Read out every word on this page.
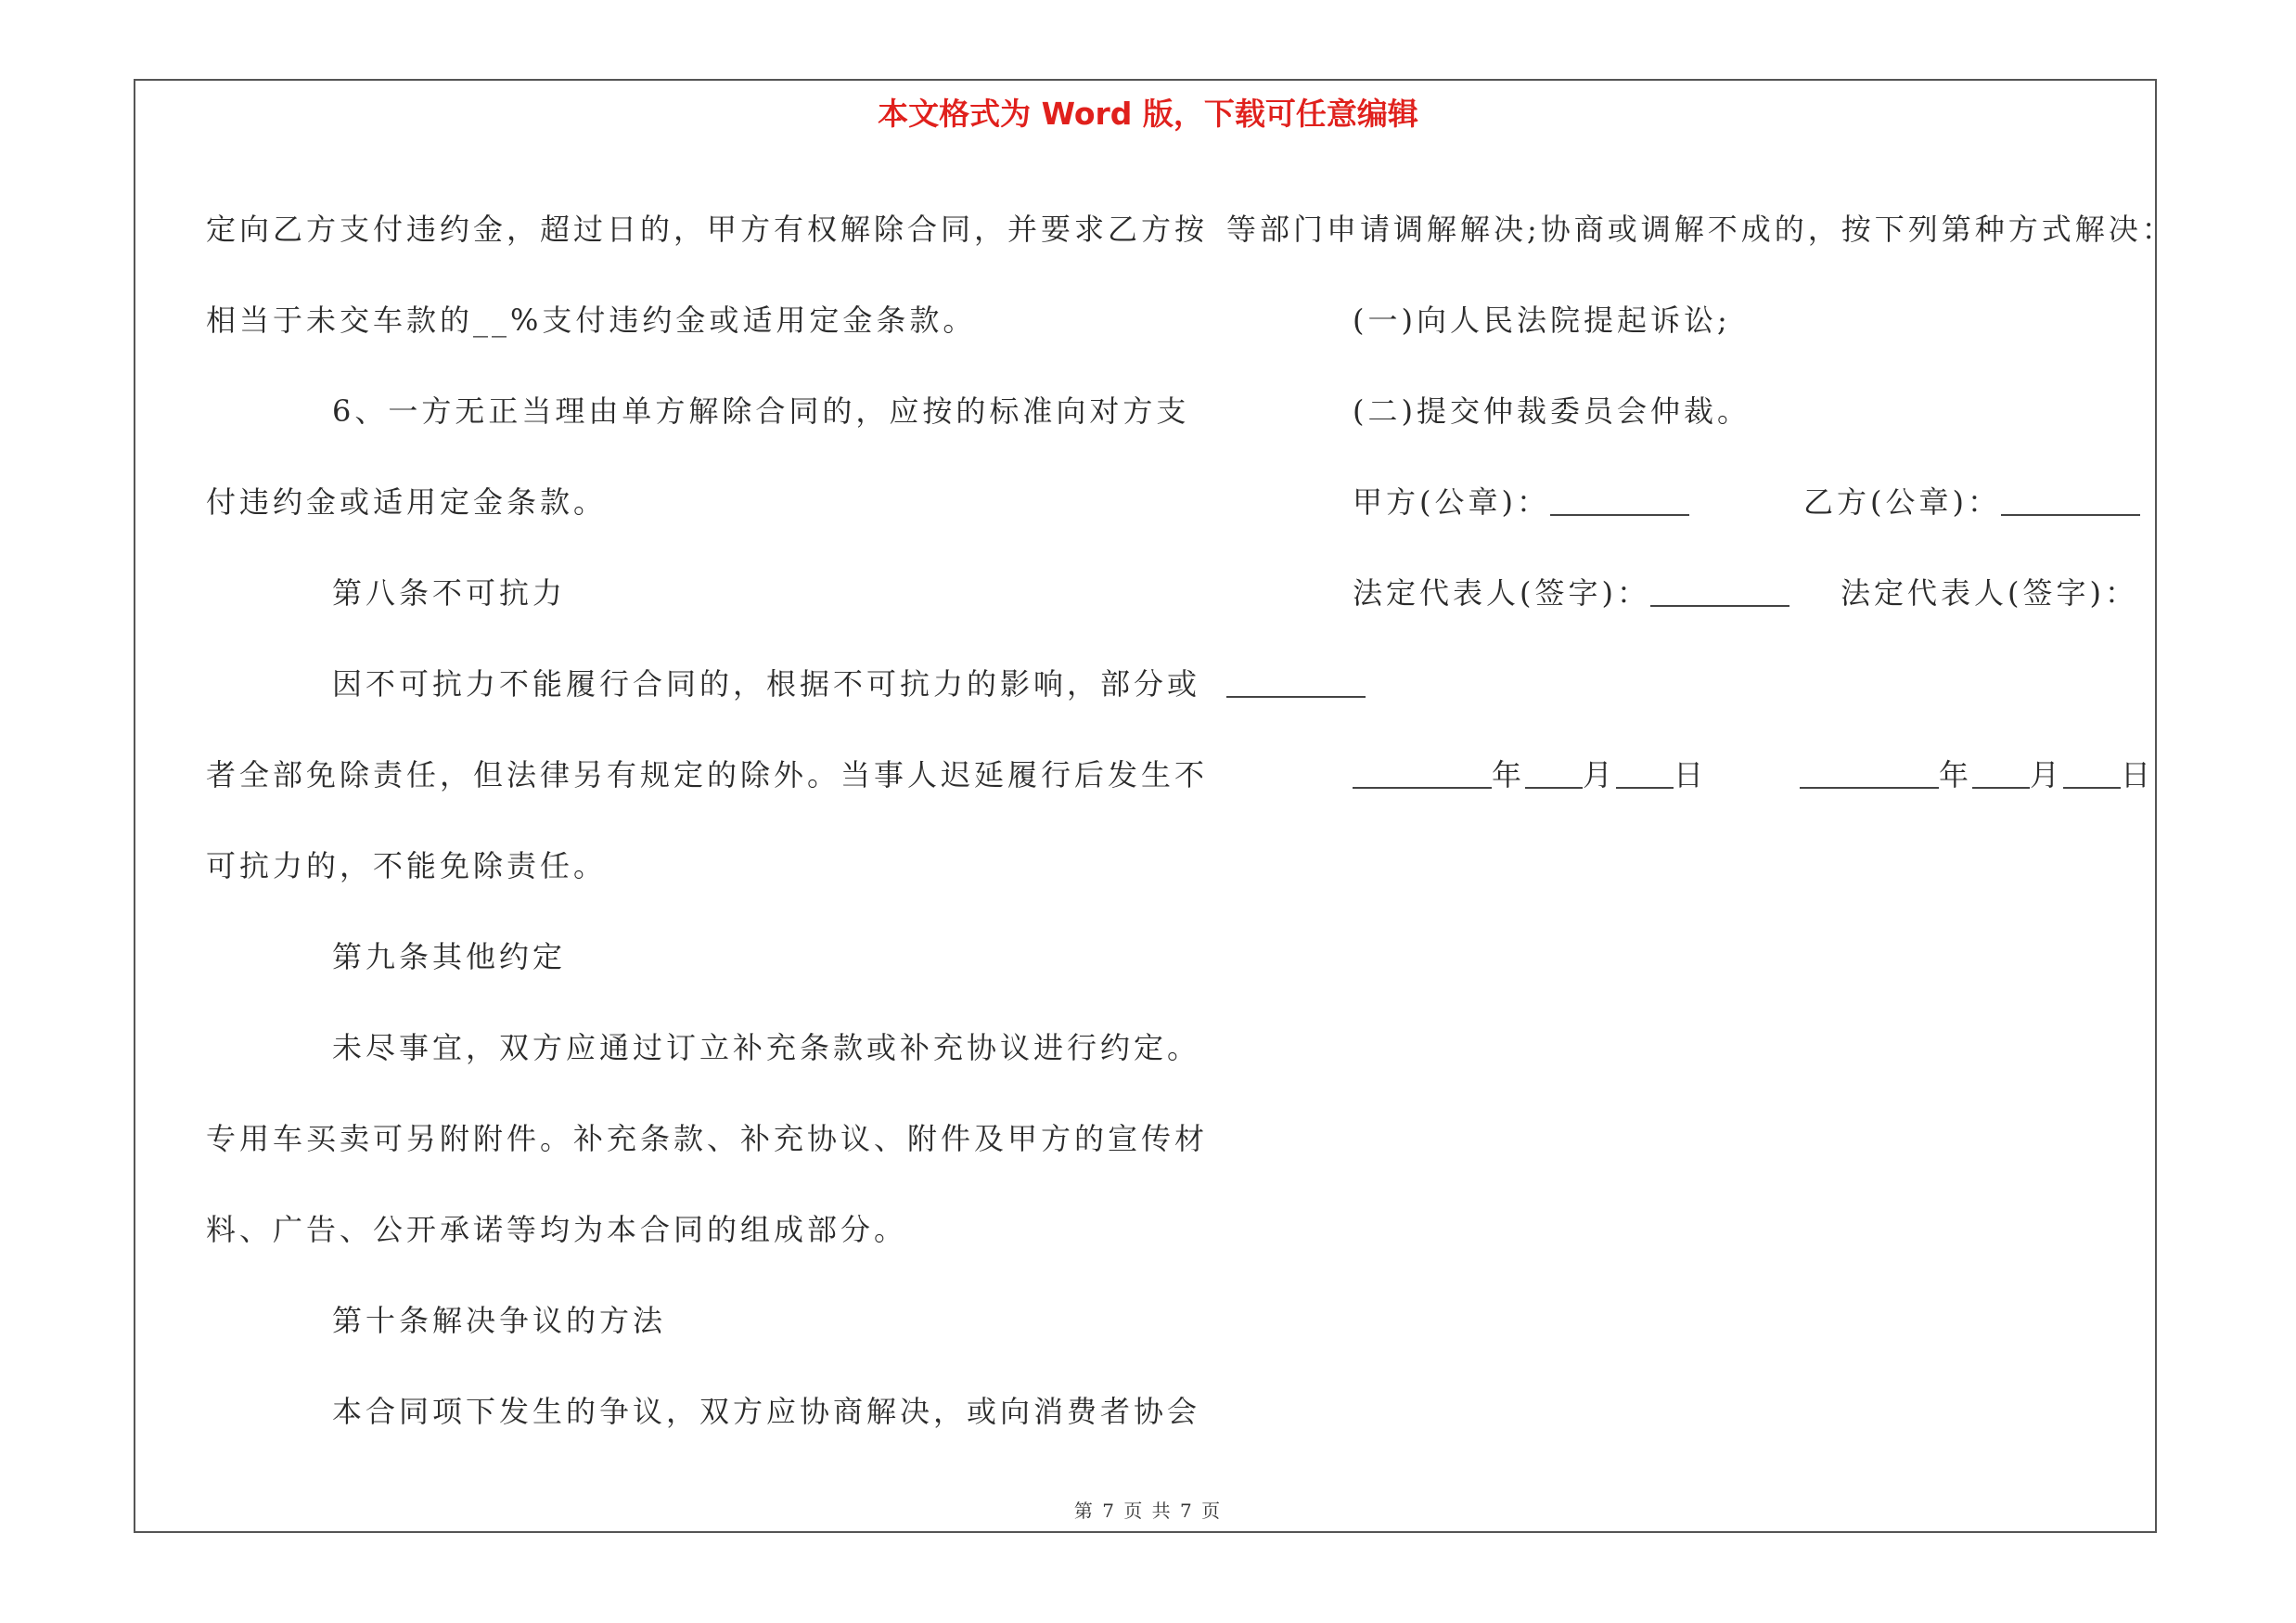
本文格式为 Word 版，下载可任意编辑
定向乙方支付违约金，超过日的，甲方有权解除合同，并要求乙方按
相当于未交车款的__%支付违约金或适用定金条款。
6、一方无正当理由单方解除合同的，应按的标准向对方支
付违约金或适用定金条款。
第八条不可抗力
因不可抗力不能履行合同的，根据不可抗力的影响，部分或
者全部免除责任，但法律另有规定的除外。当事人迟延履行后发生不
可抗力的，不能免除责任。
第九条其他约定
未尽事宜，双方应通过订立补充条款或补充协议进行约定。
专用车买卖可另附附件。补充条款、补充协议、附件及甲方的宣传材
料、广告、公开承诺等均为本合同的组成部分。
第十条解决争议的方法
本合同项下发生的争议，双方应协商解决，或向消费者协会
等部门申请调解解决;协商或调解不成的，按下列第种方式解决：
(一)向人民法院提起诉讼;
(二)提交仲裁委员会仲裁。
甲方(公章)：	乙方(公章)：
法定代表人(签字)：	法定代表人(签字)：
年 月 日	年 月 日
第 7 页 共 7 页
